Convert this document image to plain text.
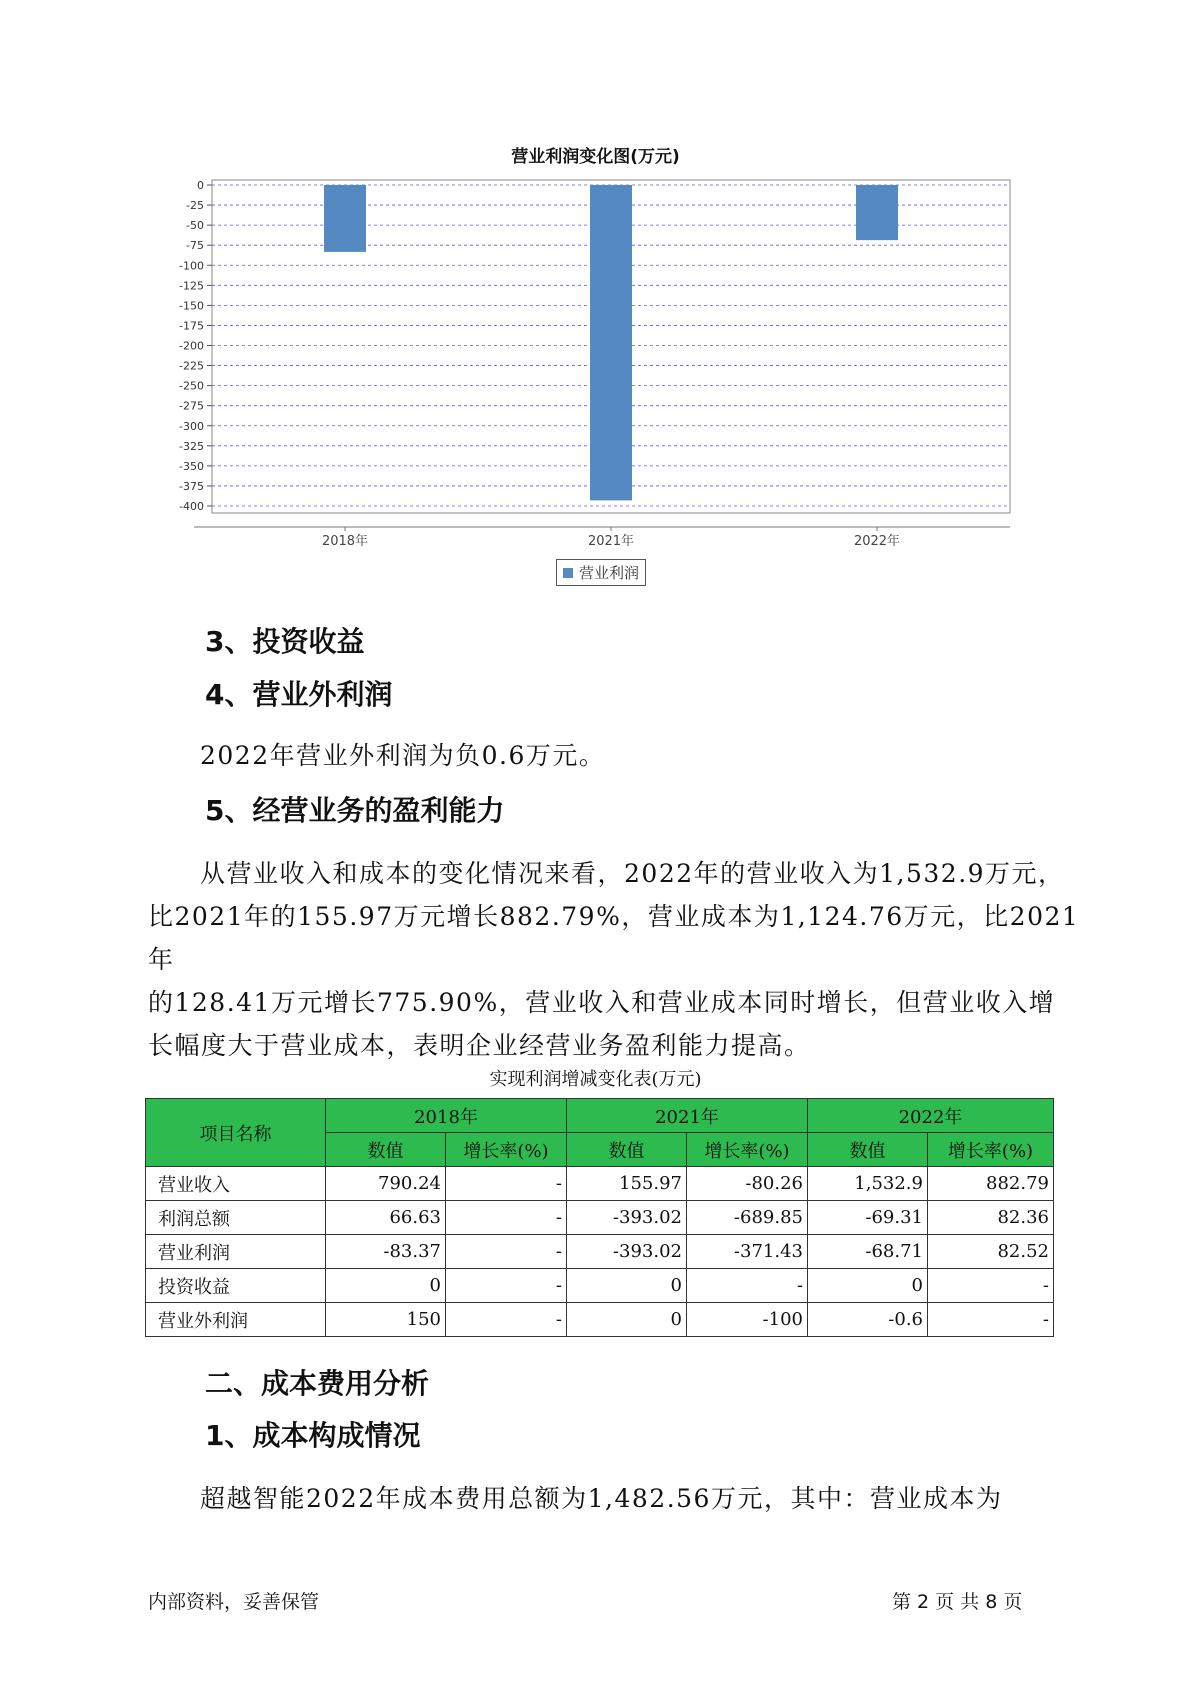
营业利润变化图(万元)
0
-25
-50
-75
-100
-125
-150
-175
-200
-225
-250
-275
-300
-325
-350
-375
-400
2018年	2021年	2022年
营业利润
3、投资收益
4、营业外利润
2022年营业外利润为负0.6万元。
5、经营业务的盈利能力
从营业收入和成本的变化情况来看，2022年的营业收入为1,532.9万元，
比2021年的155.97万元增长882.79%，营业成本为1,124.76万元，比2021年
的128.41万元增长775.90%，营业收入和营业成本同时增长，但营业收入增
长幅度大于营业成本，表明企业经营业务盈利能力提高。
实现利润增减变化表(万元)
项目名称	2018年		2021年		2022年	
	数值	增长率(%)	数值	增长率(%)	数值	增长率(%)
营业收入	790.24	-	155.97	-80.26	1,532.9	882.79
利润总额	66.63	-	-393.02	-689.85	-69.31	82.36
营业利润	-83.37	-	-393.02	-371.43	-68.71	82.52
投资收益	0	-	0	-	0	-
营业外利润	150	-	0	-100	-0.6	-
内部资料，妥善保管	第 2 页 共 8 页
二、成本费用分析
1、成本构成情况
超越智能2022年成本费用总额为1,482.56万元，其中：营业成本为
